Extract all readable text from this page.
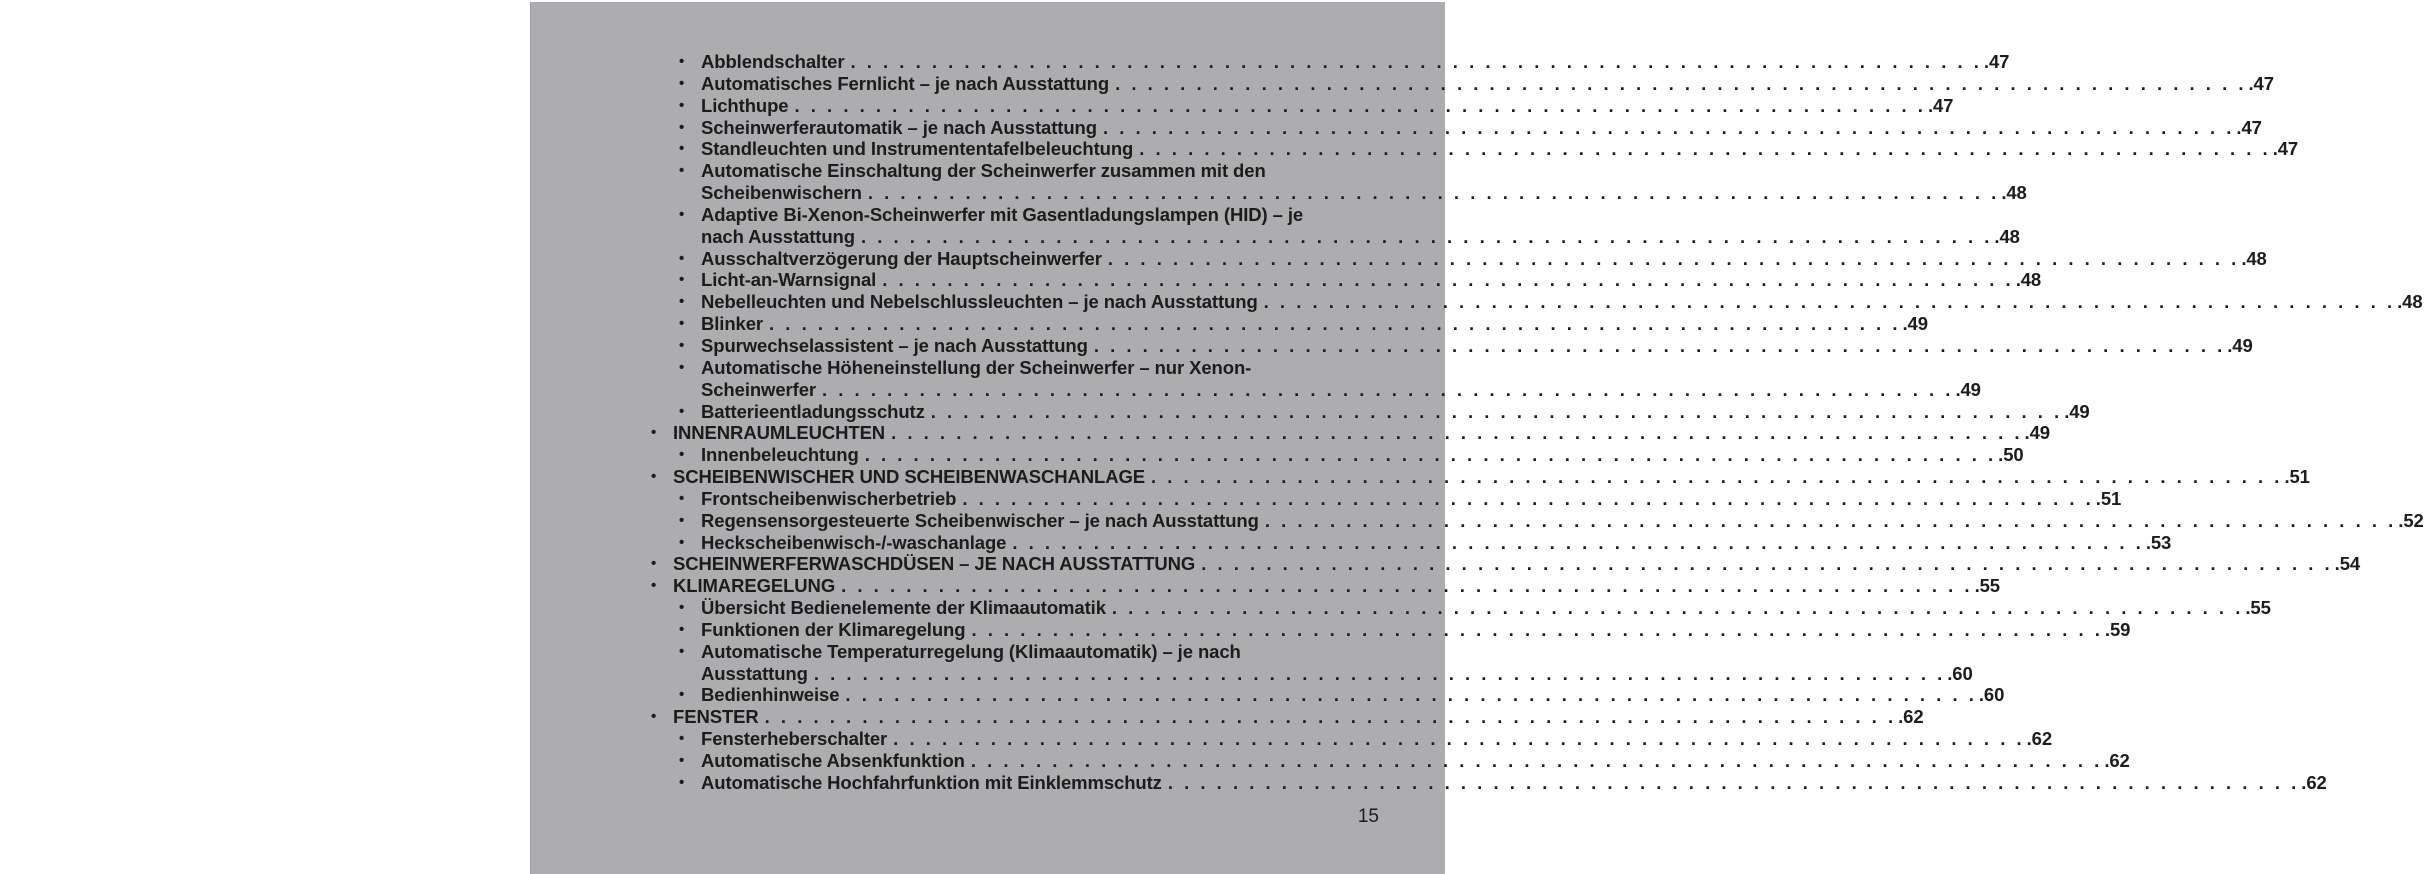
• Abblendschalter . . . . . . . . . . . . . . . . . . . . . . . . . . . . . . . . . . . . . . . . . . . . . . . . . . . . . . . . . . . . . . . . . . . . . . .47
• Automatisches Fernlicht – je nach Ausstattung . . . . . . . . . . . . . . . . . . . . . . . . . . . . . . . . . . . . . . . . . . . . . . . . . . . . . . . . . . . . . . . . . . . . . . .47
• Lichthupe . . . . . . . . . . . . . . . . . . . . . . . . . . . . . . . . . . . . . . . . . . . . . . . . . . . . . . . . . . . . . . . . . . . . . . .47
• Scheinwerferautomatik – je nach Ausstattung . . . . . . . . . . . . . . . . . . . . . . . . . . . . . . . . . . . . . . . . . . . . . . . . . . . . . . . . . . . . . . . . . . . . . . .47
• Standleuchten und Instrumententafelbeleuchtung . . . . . . . . . . . . . . . . . . . . . . . . . . . . . . . . . . . . . . . . . . . . . . . . . . . . . . . . . . . . . . . . . . . . . . .47
• Automatische Einschaltung der Scheinwerfer zusammen mit den
Scheibenwischern . . . . . . . . . . . . . . . . . . . . . . . . . . . . . . . . . . . . . . . . . . . . . . . . . . . . . . . . . . . . . . . . . . . . . . .48
• Adaptive Bi-Xenon-Scheinwerfer mit Gasentladungslampen (HID) – je
nach Ausstattung . . . . . . . . . . . . . . . . . . . . . . . . . . . . . . . . . . . . . . . . . . . . . . . . . . . . . . . . . . . . . . . . . . . . . . .48
• Ausschaltverzögerung der Hauptscheinwerfer . . . . . . . . . . . . . . . . . . . . . . . . . . . . . . . . . . . . . . . . . . . . . . . . . . . . . . . . . . . . . . . . . . . . . . .48
• Licht-an-Warnsignal . . . . . . . . . . . . . . . . . . . . . . . . . . . . . . . . . . . . . . . . . . . . . . . . . . . . . . . . . . . . . . . . . . . . . . .48
• Nebelleuchten und Nebelschlussleuchten – je nach Ausstattung . . . . . . . . . . . . . . . . . . . . . . . . . . . . . . . . . . . . . . . . . . . . . . . . . . . . . . . . . . . . . . . . . . . . . . .48
• Blinker . . . . . . . . . . . . . . . . . . . . . . . . . . . . . . . . . . . . . . . . . . . . . . . . . . . . . . . . . . . . . . . . . . . . . . .49
• Spurwechselassistent – je nach Ausstattung . . . . . . . . . . . . . . . . . . . . . . . . . . . . . . . . . . . . . . . . . . . . . . . . . . . . . . . . . . . . . . . . . . . . . . .49
• Automatische Höheneinstellung der Scheinwerfer – nur Xenon-
Scheinwerfer . . . . . . . . . . . . . . . . . . . . . . . . . . . . . . . . . . . . . . . . . . . . . . . . . . . . . . . . . . . . . . . . . . . . . . .49
• Batterieentladungsschutz . . . . . . . . . . . . . . . . . . . . . . . . . . . . . . . . . . . . . . . . . . . . . . . . . . . . . . . . . . . . . . . . . . . . . . .49
• INNENRAUMLEUCHTEN . . . . . . . . . . . . . . . . . . . . . . . . . . . . . . . . . . . . . . . . . . . . . . . . . . . . . . . . . . . . . . . . . . . . . . .49
• Innenbeleuchtung . . . . . . . . . . . . . . . . . . . . . . . . . . . . . . . . . . . . . . . . . . . . . . . . . . . . . . . . . . . . . . . . . . . . . . .50
• SCHEIBENWISCHER UND SCHEIBENWASCHANLAGE . . . . . . . . . . . . . . . . . . . . . . . . . . . . . . . . . . . . . . . . . . . . . . . . . . . . . . . . . . . . . . . . . . . . . . .51
• Frontscheibenwischerbetrieb . . . . . . . . . . . . . . . . . . . . . . . . . . . . . . . . . . . . . . . . . . . . . . . . . . . . . . . . . . . . . . . . . . . . . . .51
• Regensensorgesteuerte Scheibenwischer – je nach Ausstattung . . . . . . . . . . . . . . . . . . . . . . . . . . . . . . . . . . . . . . . . . . . . . . . . . . . . . . . . . . . . . . . . . . . . . . .52
• Heckscheibenwisch-/-waschanlage . . . . . . . . . . . . . . . . . . . . . . . . . . . . . . . . . . . . . . . . . . . . . . . . . . . . . . . . . . . . . . . . . . . . . . .53
• SCHEINWERFERWASCHDÜSEN – JE NACH AUSSTATTUNG . . . . . . . . . . . . . . . . . . . . . . . . . . . . . . . . . . . . . . . . . . . . . . . . . . . . . . . . . . . . . . . . . . . . . . .54
• KLIMAREGELUNG . . . . . . . . . . . . . . . . . . . . . . . . . . . . . . . . . . . . . . . . . . . . . . . . . . . . . . . . . . . . . . . . . . . . . . .55
• Übersicht Bedienelemente der Klimaautomatik . . . . . . . . . . . . . . . . . . . . . . . . . . . . . . . . . . . . . . . . . . . . . . . . . . . . . . . . . . . . . . . . . . . . . . .55
• Funktionen der Klimaregelung . . . . . . . . . . . . . . . . . . . . . . . . . . . . . . . . . . . . . . . . . . . . . . . . . . . . . . . . . . . . . . . . . . . . . . .59
• Automatische Temperaturregelung (Klimaautomatik) – je nach
Ausstattung . . . . . . . . . . . . . . . . . . . . . . . . . . . . . . . . . . . . . . . . . . . . . . . . . . . . . . . . . . . . . . . . . . . . . . .60
• Bedienhinweise . . . . . . . . . . . . . . . . . . . . . . . . . . . . . . . . . . . . . . . . . . . . . . . . . . . . . . . . . . . . . . . . . . . . . . .60
• FENSTER . . . . . . . . . . . . . . . . . . . . . . . . . . . . . . . . . . . . . . . . . . . . . . . . . . . . . . . . . . . . . . . . . . . . . . .62
• Fensterheberschalter . . . . . . . . . . . . . . . . . . . . . . . . . . . . . . . . . . . . . . . . . . . . . . . . . . . . . . . . . . . . . . . . . . . . . . .62
• Automatische Absenkfunktion . . . . . . . . . . . . . . . . . . . . . . . . . . . . . . . . . . . . . . . . . . . . . . . . . . . . . . . . . . . . . . . . . . . . . . .62
• Automatische Hochfahrfunktion mit Einklemmschutz . . . . . . . . . . . . . . . . . . . . . . . . . . . . . . . . . . . . . . . . . . . . . . . . . . . . . . . . . . . . . . . . . . . . . . .62
15
